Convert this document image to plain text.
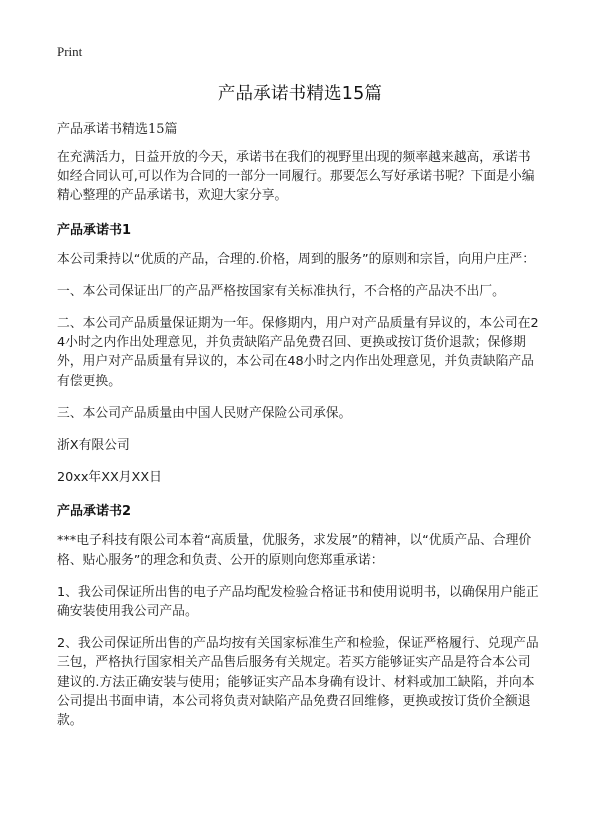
Print
产品承诺书精选15篇

产品承诺书精选15篇

在充满活力，日益开放的今天，承诺书在我们的视野里出现的频率越来越高，承诺书如经合同认可,可以作为合同的一部分一同履行。那要怎么写好承诺书呢？下面是小编精心整理的产品承诺书，欢迎大家分享。

产品承诺书1

本公司秉持以“优质的产品，合理的.价格，周到的服务”的原则和宗旨，向用户庄严：

一、本公司保证出厂的产品严格按国家有关标准执行，不合格的产品决不出厂。

二、本公司产品质量保证期为一年。保修期内，用户对产品质量有异议的，本公司在24小时之内作出处理意见，并负责缺陷产品免费召回、更换或按订货价退款；保修期外，用户对产品质量有异议的，本公司在48小时之内作出处理意见，并负责缺陷产品有偿更换。

三、本公司产品质量由中国人民财产保险公司承保。

浙X有限公司

20xx年XX月XX日

产品承诺书2

***电子科技有限公司本着“高质量，优服务，求发展”的精神，以“优质产品、合理价格、贴心服务”的理念和负责、公开的原则向您郑重承诺：

1、我公司保证所出售的电子产品均配发检验合格证书和使用说明书，以确保用户能正确安装使用我公司产品。

2、我公司保证所出售的产品均按有关国家标准生产和检验，保证严格履行、兑现产品三包，严格执行国家相关产品售后服务有关规定。若买方能够证实产品是符合本公司建议的.方法正确安装与使用；能够证实产品本身确有设计、材料或加工缺陷，并向本公司提出书面申请，本公司将负责对缺陷产品免费召回维修，更换或按订货价全额退款。
